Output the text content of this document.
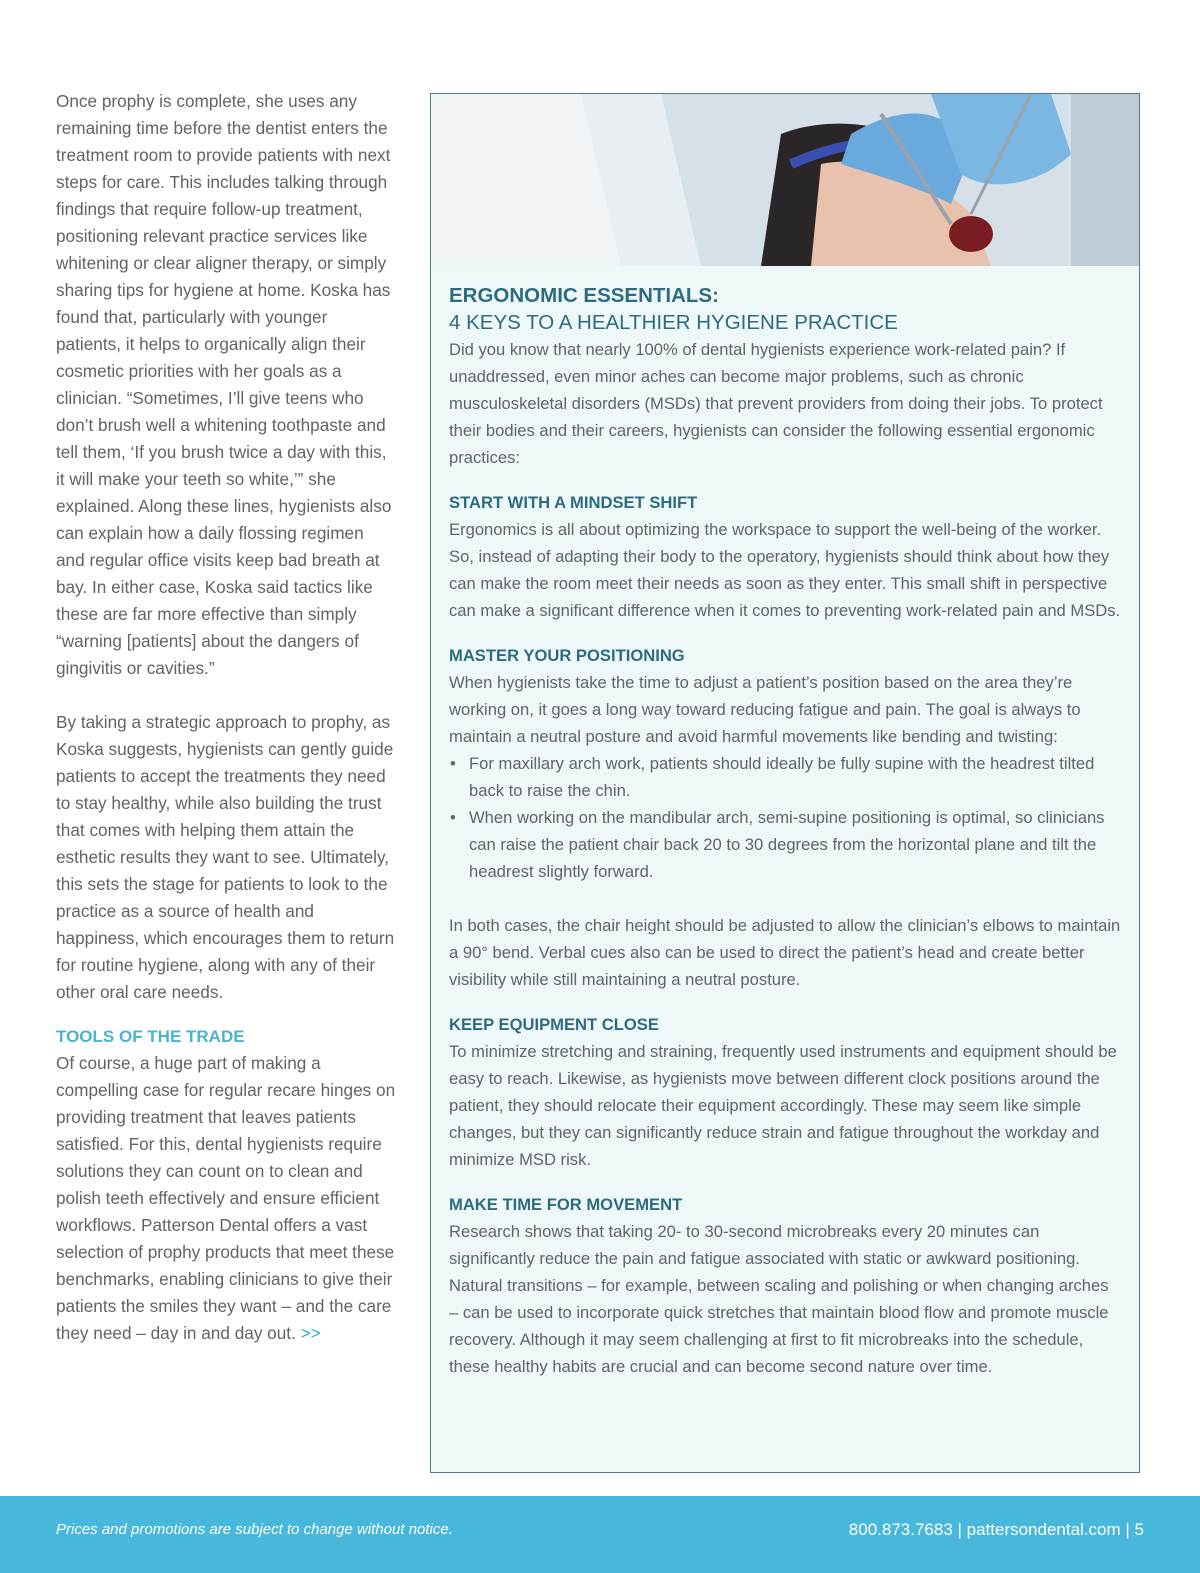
Once prophy is complete, she uses any remaining time before the dentist enters the treatment room to provide patients with next steps for care. This includes talking through findings that require follow-up treatment, positioning relevant practice services like whitening or clear aligner therapy, or simply sharing tips for hygiene at home. Koska has found that, particularly with younger patients, it helps to organically align their cosmetic priorities with her goals as a clinician. “Sometimes, I’ll give teens who don’t brush well a whitening toothpaste and tell them, ‘If you brush twice a day with this, it will make your teeth so white,’” she explained. Along these lines, hygienists also can explain how a daily flossing regimen and regular office visits keep bad breath at bay. In either case, Koska said tactics like these are far more effective than simply “warning [patients] about the dangers of gingivitis or cavities.”

By taking a strategic approach to prophy, as Koska suggests, hygienists can gently guide patients to accept the treatments they need to stay healthy, while also building the trust that comes with helping them attain the esthetic results they want to see. Ultimately, this sets the stage for patients to look to the practice as a source of health and happiness, which encourages them to return for routine hygiene, along with any of their other oral care needs.

TOOLS OF THE TRADE

Of course, a huge part of making a compelling case for regular recare hinges on providing treatment that leaves patients satisfied. For this, dental hygienists require solutions they can count on to clean and polish teeth effectively and ensure efficient workflows. Patterson Dental offers a vast selection of prophy products that meet these benchmarks, enabling clinicians to give their patients the smiles they want – and the care they need – day in and day out. >>

ERGONOMIC ESSENTIALS:
4 KEYS TO A HEALTHIER HYGIENE PRACTICE

Did you know that nearly 100% of dental hygienists experience work-related pain? If unaddressed, even minor aches can become major problems, such as chronic musculoskeletal disorders (MSDs) that prevent providers from doing their jobs. To protect their bodies and their careers, hygienists can consider the following essential ergonomic practices:

START WITH A MINDSET SHIFT

Ergonomics is all about optimizing the workspace to support the well-being of the worker. So, instead of adapting their body to the operatory, hygienists should think about how they can make the room meet their needs as soon as they enter. This small shift in perspective can make a significant difference when it comes to preventing work-related pain and MSDs.

MASTER YOUR POSITIONING

When hygienists take the time to adjust a patient’s position based on the area they’re working on, it goes a long way toward reducing fatigue and pain. The goal is always to maintain a neutral posture and avoid harmful movements like bending and twisting:

• For maxillary arch work, patients should ideally be fully supine with the headrest tilted back to raise the chin.
• When working on the mandibular arch, semi-supine positioning is optimal, so clinicians can raise the patient chair back 20 to 30 degrees from the horizontal plane and tilt the headrest slightly forward.

In both cases, the chair height should be adjusted to allow the clinician’s elbows to maintain a 90° bend. Verbal cues also can be used to direct the patient’s head and create better visibility while still maintaining a neutral posture.

KEEP EQUIPMENT CLOSE

To minimize stretching and straining, frequently used instruments and equipment should be easy to reach. Likewise, as hygienists move between different clock positions around the patient, they should relocate their equipment accordingly. These may seem like simple changes, but they can significantly reduce strain and fatigue throughout the workday and minimize MSD risk.

MAKE TIME FOR MOVEMENT

Research shows that taking 20- to 30-second microbreaks every 20 minutes can significantly reduce the pain and fatigue associated with static or awkward positioning. Natural transitions – for example, between scaling and polishing or when changing arches – can be used to incorporate quick stretches that maintain blood flow and promote muscle recovery. Although it may seem challenging at first to fit microbreaks into the schedule, these healthy habits are crucial and can become second nature over time.

Prices and promotions are subject to change without notice.	800.873.7683 | pattersondental.com | 5
